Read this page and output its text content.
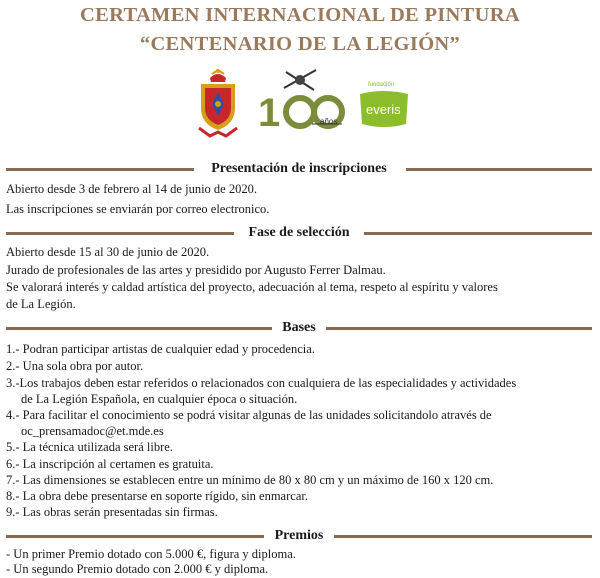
CERTAMEN INTERNACIONAL DE PINTURA
“CENTENARIO DE LA LEGIÓN”
1	años
fundación
everis
Presentación de inscripciones
Abierto desde 3 de febrero al 14 de junio de 2020.
Las inscripciones se enviarán por correo electronico.
Fase de selección
Abierto desde 15 al 30 de junio de 2020.
Jurado de profesionales de las artes y presidido por Augusto Ferrer Dalmau.
Se valorará interés y caldad artística del proyecto, adecuación al tema, respeto al espíritu y valores
de La Legión.
Bases
1.- Podran participar artistas de cualquier edad y procedencia.
2.- Una sola obra por autor.
3.-Los trabajos deben estar referidos o relacionados con cualquiera de las especialidades y actividades
de La Legión Española, en cualquier época o situación.
4.- Para facilitar el conocimiento se podrá visitar algunas de las unidades solicitandolo através de
oc_prensamadoc@et.mde.es
5.- La técnica utilizada será libre.
6.- La inscripción al certamen es gratuita.
7.- Las dimensiones se establecen entre un mínimo de 80 x 80 cm y un máximo de 160 x 120 cm.
8.- La obra debe presentarse en soporte rígido, sin enmarcar.
9.- Las obras serán presentadas sin firmas.
Premios
- Un primer Premio dotado con 5.000 €, figura y diploma.
- Un segundo Premio dotado con 2.000 € y diploma.
